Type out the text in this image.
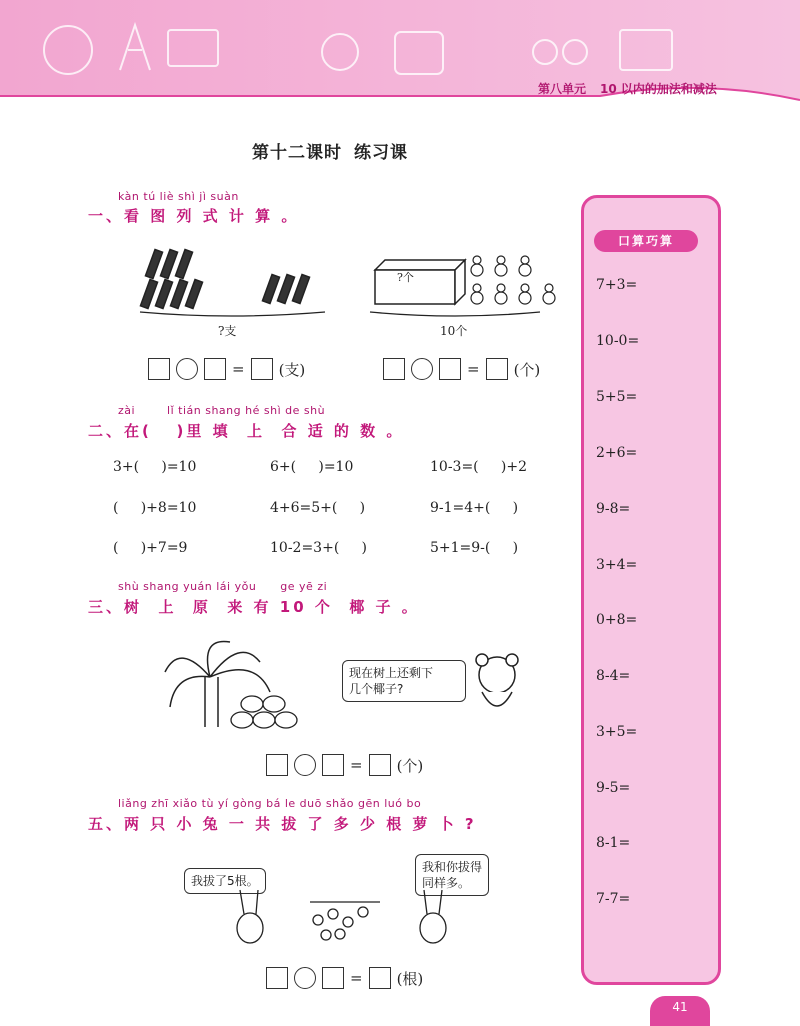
第八单元 10 以内的加法和减法
第十二课时 练习课
kàn tú liè shì jì suàn
一、看 图 列 式 计 算 。
?支
?个
10个
= (支)	= (个)
zài        lǐ tián shang hé shì de shù
二、在(   )里 填  上  合 适 的 数 。
3+(     )=10	6+(     )=10	10-3=(     )+2
(     )+8=10	4+6=5+(     )	9-1=4+(     )
(     )+7=9	10-2=3+(     )	5+1=9-(     )
shù shang yuán lái yǒu      ge yē zi
三、树  上  原  来 有 10 个  椰 子 。
现在树上还剩下
几个椰子?
= (个)
liǎng zhī xiǎo tù yí gòng bá le duō shǎo gēn luó bo
五、两 只 小 兔 一 共 拔 了 多 少 根 萝 卜 ?
我拔了5根。
我和你拔得
同样多。
= (根)
口算巧算
7+3=
10-0=
5+5=
2+6=
9-8=
3+4=
0+8=
8-4=
3+5=
9-5=
8-1=
7-7=
41
